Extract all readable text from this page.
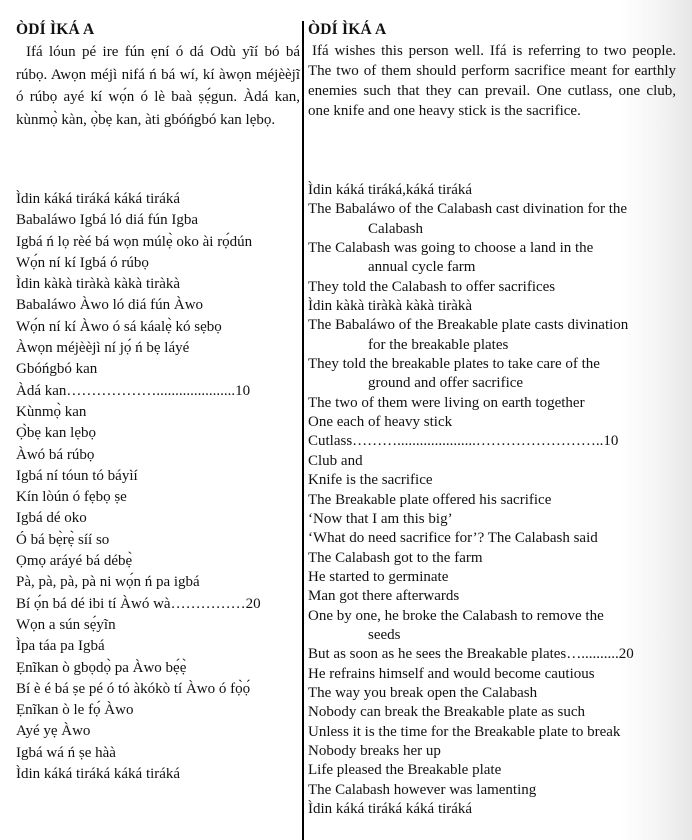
ÒDÍ ÌKÁ A

Ifá lóun pé ire fún ẹní ó dá Odù yĩí bó bá rúbọ. Awọn méjì nifá ń bá wí, kí àwọn méjèèjĩ ó rúbọ ayé kí wọ́n ó lè baà ṣẹ́gun. Àdá kan, kùnmọ̀ kàn, ọ̀bẹ kan, àti gbóńgbó kan lẹbọ.

Ìdin káká tiráká káká tiráká
Babaláwo Igbá ló diá fún Igba
Igbá ń lọ rèé bá wọn múlẹ̀ oko ài rọ́dún
Wọ́n ní kí Igbá ó rúbọ
Ìdin kàkà tiràkà kàkà tiràkà
Babaláwo Àwo ló diá fún Àwo
Wọ́n ní kí Àwo ó sá káalẹ̀ kó sẹbọ
Àwọn méjèèjì ní jọ́ ń bẹ láyé
Gbóńgbó kan
Àdá kan……………….....................10
Kùnmọ̀ kan
Ọ̀bẹ kan lẹbọ
Àwó bá rúbọ
Igbá ní tóun tó báyìí
Kín lòún ó fẹbọ ṣe
Igbá dé oko
Ó bá bẹ̀rẹ̀ síí so
Ọmọ aráyé bá débẹ̀
Pà, pà, pà, pà ni wọ́n ń pa igbá
Bí ọ́n bá dé ibi tí Àwó wà……………20
Wọn a sún sẹ́yĩn
Ìpa táa pa Igbá
Ẹnĩkan ò gbọdọ̀ pa Àwo bẹ́ẹ̀
Bí è é bá ṣe pé ó tó àkókò tí Àwo ó fọ̀ọ́
Ẹnĩkan ò le fọ́ Àwo
Ayé yẹ Àwo
Igbá wá ń ṣe hàà
Ìdin káká tiráká káká tiráká
ÒDÍ ÌKÁ A

Ifá wishes this person well. Ifá is referring to two people. The two of them should perform sacrifice meant for earthly enemies such that they can prevail. One cutlass, one club, one knife and one heavy stick is the sacrifice.

Ìdin káká tiráká,káká tiráká
The Babaláwo of the Calabash cast divination for the
Calabash
The Calabash was going to choose a land in the
annual cycle farm
They told the Calabash to offer sacrifices
Ìdin kàkà tiràkà kàkà tiràkà
The Babaláwo of the Breakable plate casts divination
for the breakable plates
They told the breakable plates to take care of the
ground and offer sacrifice
The two of them were living on earth together
One each of heavy stick
Cutlass……….....................……………………..10
Club and
Knife is the sacrifice
The Breakable plate offered his sacrifice
‘Now that I am this big’
‘What do need sacrifice for’? The Calabash said
The Calabash got to the farm
He started to germinate
Man got there afterwards
One by one, he broke the Calabash to remove the
seeds
But as soon as he sees the Breakable plates…..........20
He refrains himself and would become cautious
The way you break open the Calabash
Nobody can break the Breakable plate as such
Unless it is the time for the Breakable plate to break
Nobody breaks her up
Life pleased the Breakable plate
The Calabash however was lamenting
Ìdin káká tiráká káká tiráká
